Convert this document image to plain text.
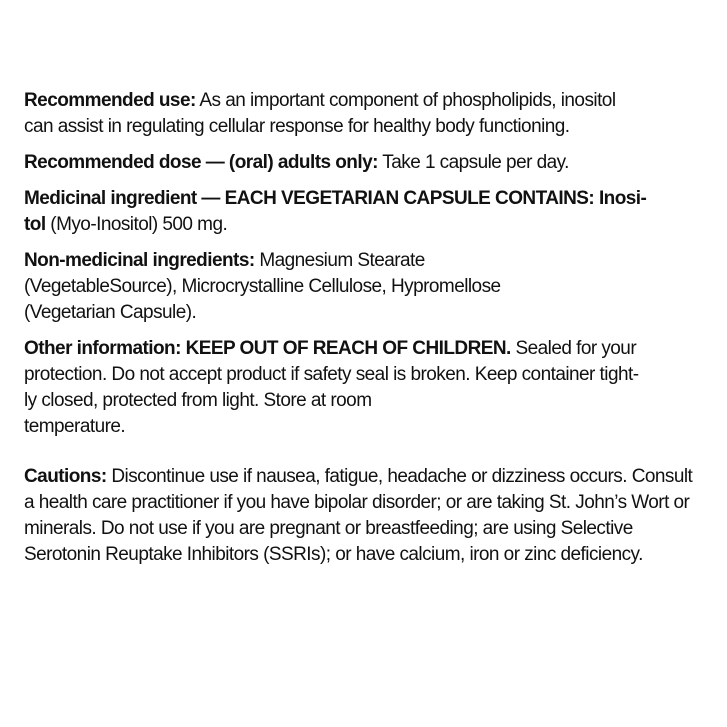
Recommended use: As an important component of phospholipids, inositol
can assist in regulating cellular response for healthy body functioning.
Recommended dose — (oral) adults only: Take 1 capsule per day.
Medicinal ingredient — EACH VEGETARIAN CAPSULE CONTAINS: Inosi-
tol (Myo-Inositol) 500 mg.
Non-medicinal ingredients: Magnesium Stearate
(VegetableSource), Microcrystalline Cellulose, Hypromellose
(Vegetarian Capsule).
Other information: KEEP OUT OF REACH OF CHILDREN. Sealed for your
protection. Do not accept product if safety seal is broken. Keep container tight-
ly closed, protected from light. Store at room
temperature.
Cautions: Discontinue use if nausea, fatigue, headache or dizziness occurs. Consult
a health care practitioner if you have bipolar disorder; or are taking St. John’s Wort or
minerals. Do not use if you are pregnant or breastfeeding; are using Selective
Serotonin Reuptake Inhibitors (SSRIs); or have calcium, iron or zinc deficiency.
